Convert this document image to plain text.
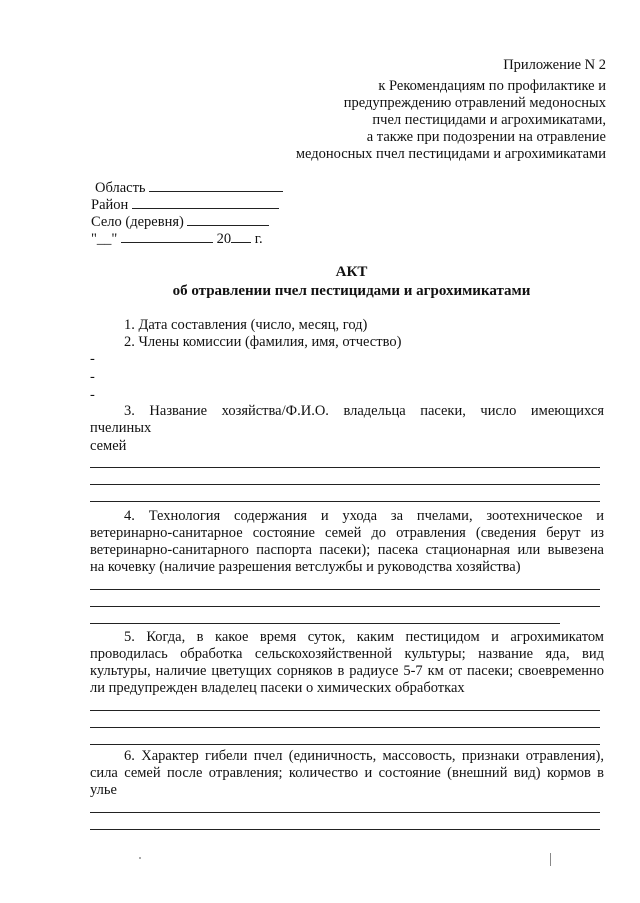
Приложение N 2
к Рекомендациям по профилактике и
предупреждению отравлений медоносных
пчел пестицидами и агрохимикатами,
а также при подозрении на отравление
медоносных пчел пестицидами и агрохимикатами
Область
Район
Село (деревня)
"__"	20 г.
АКТ
об отравлении пчел пестицидами и агрохимикатами
1. Дата составления (число, месяц, год)
2. Члены комиссии (фамилия, имя, отчество)
-
-
-
3. Название хозяйства/Ф.И.О. владельца пасеки, число имеющихся
пчелиных
семей
4. Технология содержания и ухода за пчелами, зоотехническое и
ветеринарно-санитарное состояние семей до отравления (сведения берут из
ветеринарно-санитарного паспорта пасеки); пасека стационарная или вывезена
на кочевку (наличие разрешения ветслужбы и руководства хозяйства)
5. Когда, в какое время суток, каким пестицидом и агрохимикатом
проводилась обработка сельскохозяйственной культуры; название яда, вид
культуры, наличие цветущих сорняков в радиусе 5-7 км от пасеки; своевременно
ли предупрежден владелец пасеки о химических обработках
6. Характер гибели пчел (единичность, массовость, признаки отравления),
сила семей после отравления; количество и состояние (внешний вид) кормов в
улье
